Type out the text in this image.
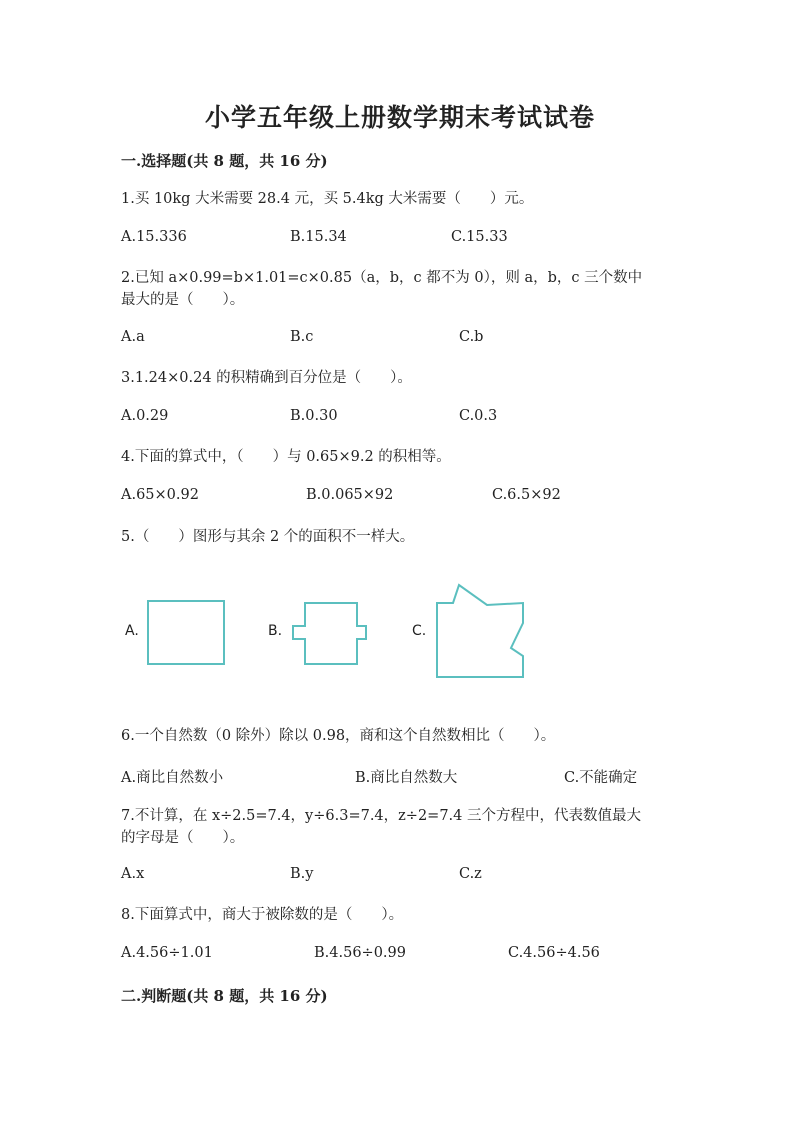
小学五年级上册数学期末考试试卷
一.选择题(共 8 题，共 16 分)
1.买 10kg 大米需要 28.4 元，买 5.4kg 大米需要（　　）元。
A.15.336	B.15.34	C.15.33
2.已知 a×0.99=b×1.01=c×0.85（a，b，c 都不为 0），则 a，b，c 三个数中
最大的是（　　）。
A.a	B.c	C.b
3.1.24×0.24 的积精确到百分位是（　　）。
A.0.29	B.0.30	C.0.3
4.下面的算式中，（　　）与 0.65×9.2 的积相等。
A.65×0.92	B.0.065×92	C.6.5×92
5.（　　）图形与其余 2 个的面积不一样大。
A.	B.	C.
6.一个自然数（0 除外）除以 0.98，商和这个自然数相比（　　）。
A.商比自然数小	B.商比自然数大	C.不能确定
7.不计算，在 x÷2.5=7.4，y÷6.3=7.4，z÷2=7.4 三个方程中，代表数值最大
的字母是（　　）。
A.x	B.y	C.z
8.下面算式中，商大于被除数的是（　　）。
A.4.56÷1.01	B.4.56÷0.99	C.4.56÷4.56
二.判断题(共 8 题，共 16 分)
